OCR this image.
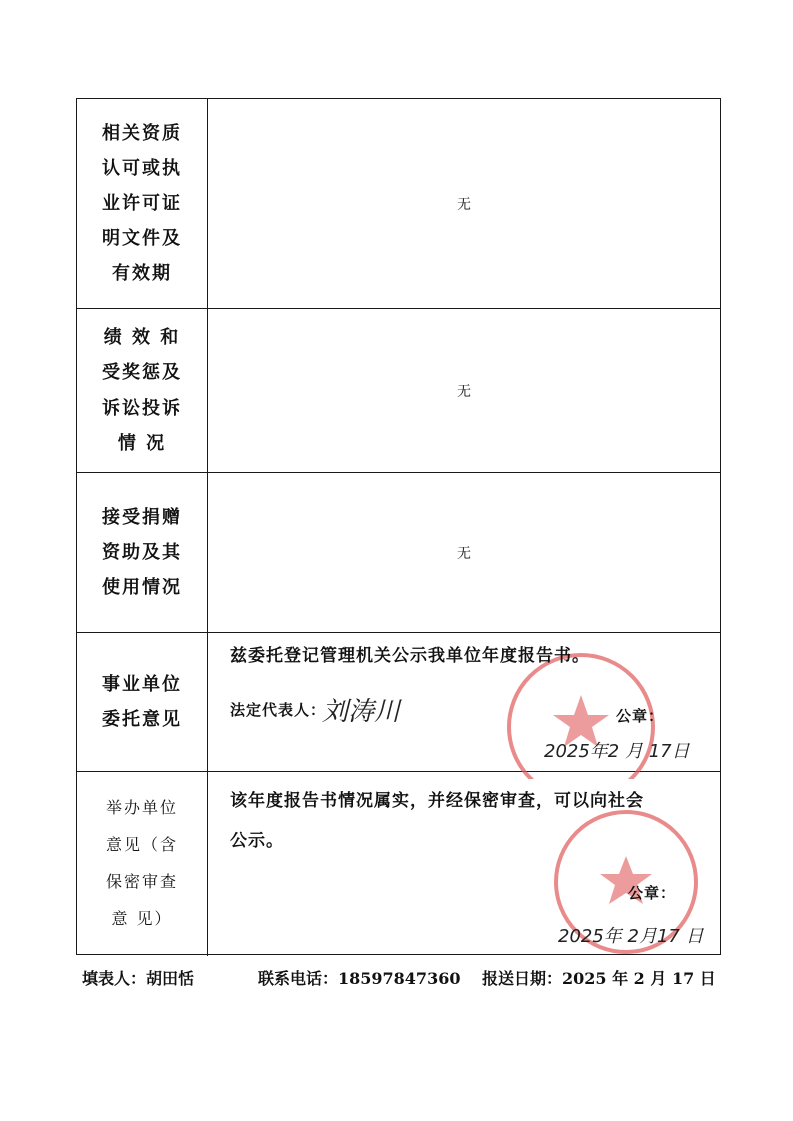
相关资质
认可或执
业许可证
明文件及
有效期
无
绩 效 和
受奖惩及
诉讼投诉
情 况
无
接受捐赠
资助及其
使用情况
无
事业单位
委托意见
兹委托登记管理机关公示我单位年度报告书。
法定代表人：
刘涛川	公章：
2025年2 月 17日
举办单位
意见（含
保密审查
意 见）
该年度报告书情况属实，并经保密审查，可以向社会
公示。
公章：
2025年 2月17 日
填表人：胡田恬	联系电话：18597847360 报送日期：2025 年 2 月 17 日
